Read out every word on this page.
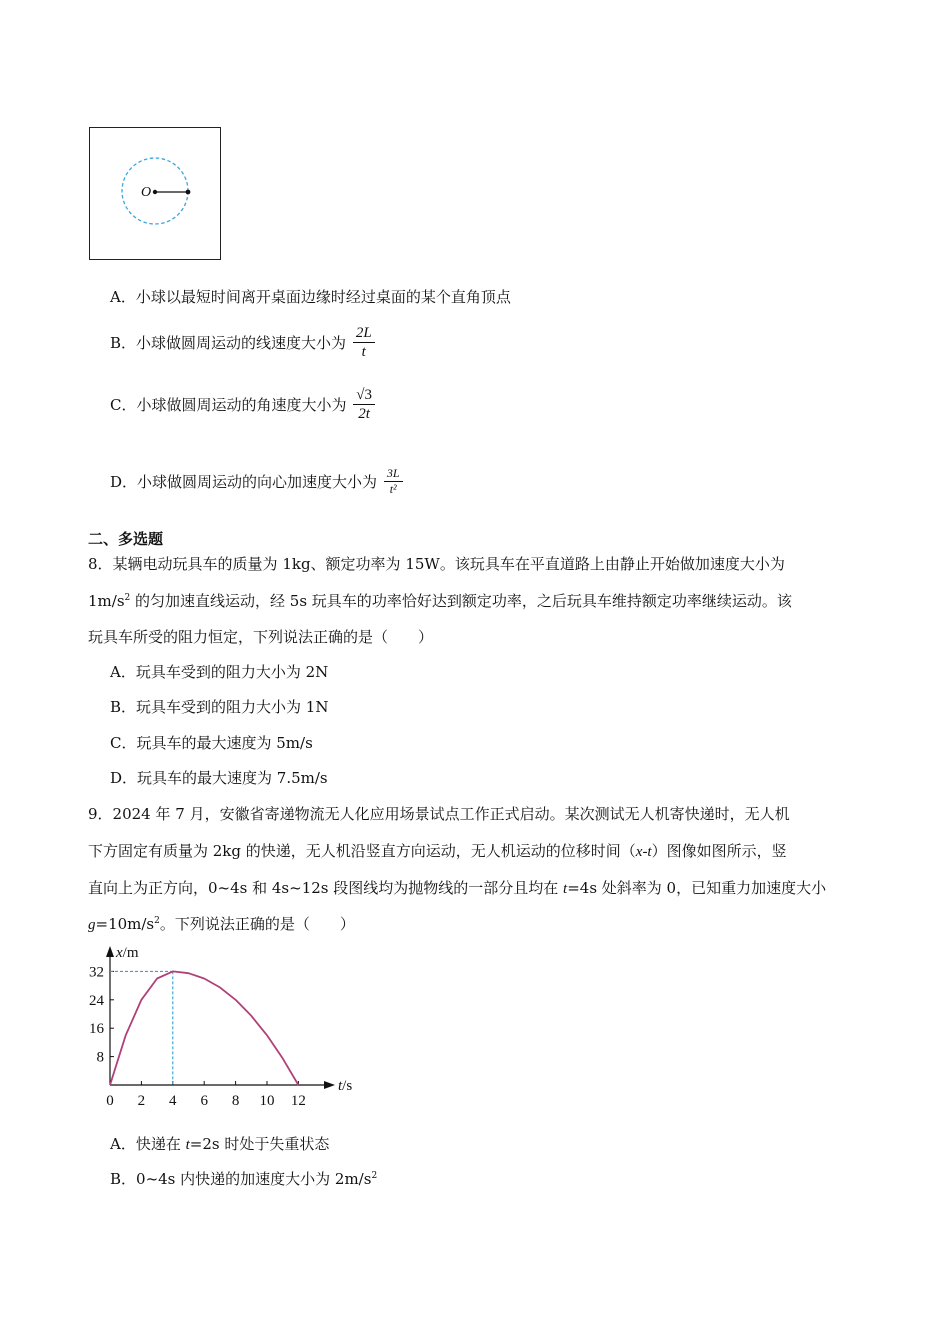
O
A．小球以最短时间离开桌面边缘时经过桌面的某个直角顶点
B．小球做圆周运动的线速度大小为 $\frac{2L}{t}$
C．小球做圆周运动的角速度大小为 $\frac{√3}{2t}$
D．小球做圆周运动的向心加速度大小为 $\frac{3L}{\text{t²}}$
二、多选题
8．某辆电动玩具车的质量为 1kg、额定功率为 15W。该玩具车在平直道路上由静止开始做加速度大小为
$1m/s^2$ 的匀加速直线运动，经 5s 玩具车的功率恰好达到额定功率，之后玩具车维持额定功率继续运动。该
玩具车所受的阻力恒定，下列说法正确的是（　　）
A．玩具车受到的阻力大小为 2N
B．玩具车受到的阻力大小为 1N
C．玩具车的最大速度为 5m/s
D．玩具车的最大速度为 7.5m/s
9．2024 年 7 月，安徽省寄递物流无人化应用场景试点工作正式启动。某次测试无人机寄快递时，无人机
下方固定有质量为 2kg 的快递，无人机沿竖直方向运动，无人机运动的位移时间（x-t）图像如图所示，竖
直向上为正方向，0~4s 和 4s~12s 段图线均为抛物线的一部分且均在 t=4s 处斜率为 0，已知重力加速度大小
$g=10m/s^2$。下列说法正确的是（　　）
0 2 4 6 8 10 12
8
16
24
32
x/m
t/s
A．快递在 t=2s 时处于失重状态
B．0~4s 内快递的加速度大小为 $2m/s^2$
